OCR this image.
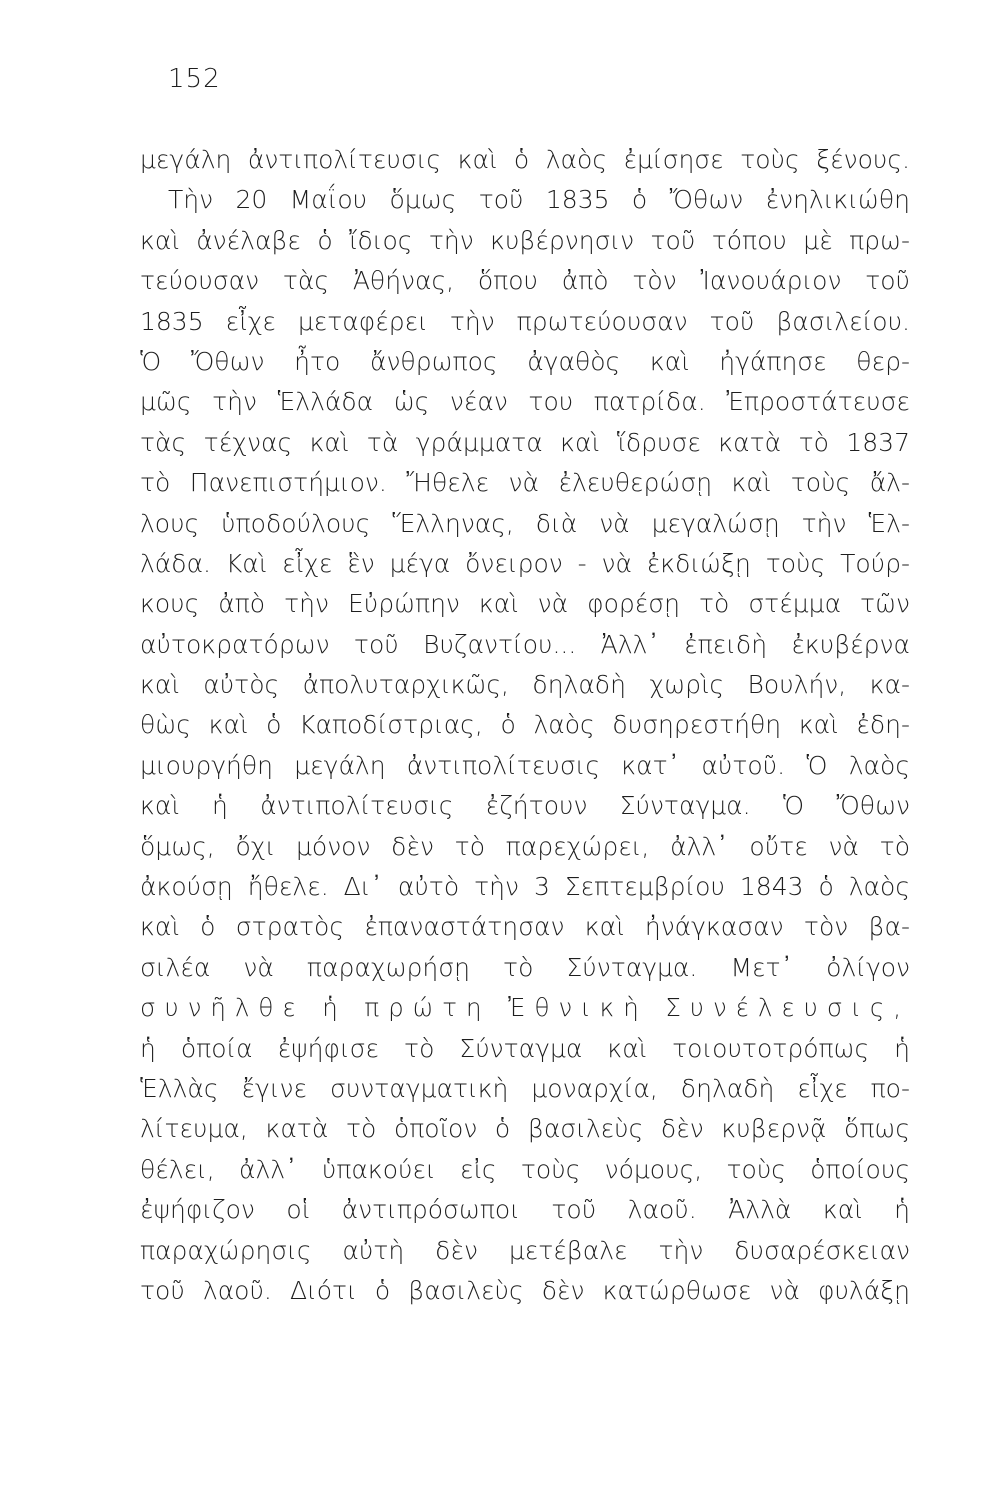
152
μεγάλη ἀντιπολίτευσις καὶ ὁ λαὸς ἐμίσησε τοὺς ξένους.
Τὴν 20 Μαΐου ὅμως τοῦ 1835 ὁ Ὄθων ἐνηλικιώθη
καὶ ἀνέλαβε ὁ ἴδιος τὴν κυβέρνησιν τοῦ τόπου μὲ πρω-
τεύουσαν τὰς Ἀθήνας, ὅπου ἀπὸ τὸν Ἰανουάριον τοῦ
1835 εἶχε μεταφέρει τὴν πρωτεύουσαν τοῦ βασιλείου.
Ὁ Ὄθων ἦτο ἄνθρωπος ἀγαθὸς καὶ ἠγάπησε θερ-
μῶς τὴν Ἑλλάδα ὡς νέαν του πατρίδα. Ἐπροστάτευσε
τὰς τέχνας καὶ τὰ γράμματα καὶ ἵδρυσε κατὰ τὸ 1837
τὸ Πανεπιστήμιον. Ἤθελε νὰ ἐλευθερώσῃ καὶ τοὺς ἄλ-
λους ὑποδούλους Ἕλληνας, διὰ νὰ μεγαλώσῃ τὴν Ἑλ-
λάδα. Καὶ εἶχε ἓν μέγα ὄνειρον - νὰ ἐκδιώξῃ τοὺς Τούρ-
κους ἀπὸ τὴν Εὐρώπην καὶ νὰ φορέσῃ τὸ στέμμα τῶν
αὐτοκρατόρων τοῦ Βυζαντίου... Ἀλλ᾽ ἐπειδὴ ἐκυβέρνα
καὶ αὐτὸς ἀπολυταρχικῶς, δηλαδὴ χωρὶς Βουλήν, κα-
θὼς καὶ ὁ Καποδίστριας, ὁ λαὸς δυσηρεστήθη καὶ ἐδη-
μιουργήθη μεγάλη ἀντιπολίτευσις κατ᾽ αὐτοῦ. Ὁ λαὸς
καὶ ἡ ἀντιπολίτευσις ἐζήτουν Σύνταγμα. Ὁ Ὄθων
ὅμως, ὄχι μόνον δὲν τὸ παρεχώρει, ἀλλ᾽ οὔτε νὰ τὸ
ἀκούσῃ ἤθελε. Δι᾽ αὐτὸ τὴν 3 Σεπτεμβρίου 1843 ὁ λαὸς
καὶ ὁ στρατὸς ἐπαναστάτησαν καὶ ἠνάγκασαν τὸν βα-
σιλέα νὰ παραχωρήσῃ τὸ Σύνταγμα. Μετ᾽ ὀλίγον
συνῆλθε ἡ πρώτη Ἐθνικὴ Συνέλευσις,
ἡ ὁποία ἐψήφισε τὸ Σύνταγμα καὶ τοιουτοτρόπως ἡ
Ἑλλὰς ἔγινε συνταγματικὴ μοναρχία, δηλαδὴ εἶχε πο-
λίτευμα, κατὰ τὸ ὁποῖον ὁ βασιλεὺς δὲν κυβερνᾷ ὅπως
θέλει, ἀλλ᾽ ὑπακούει εἰς τοὺς νόμους, τοὺς ὁποίους
ἐψήφιζον οἱ ἀντιπρόσωποι τοῦ λαοῦ. Ἀλλὰ καὶ ἡ
παραχώρησις αὐτὴ δὲν μετέβαλε τὴν δυσαρέσκειαν
τοῦ λαοῦ. Διότι ὁ βασιλεὺς δὲν κατώρθωσε νὰ φυλάξῃ
